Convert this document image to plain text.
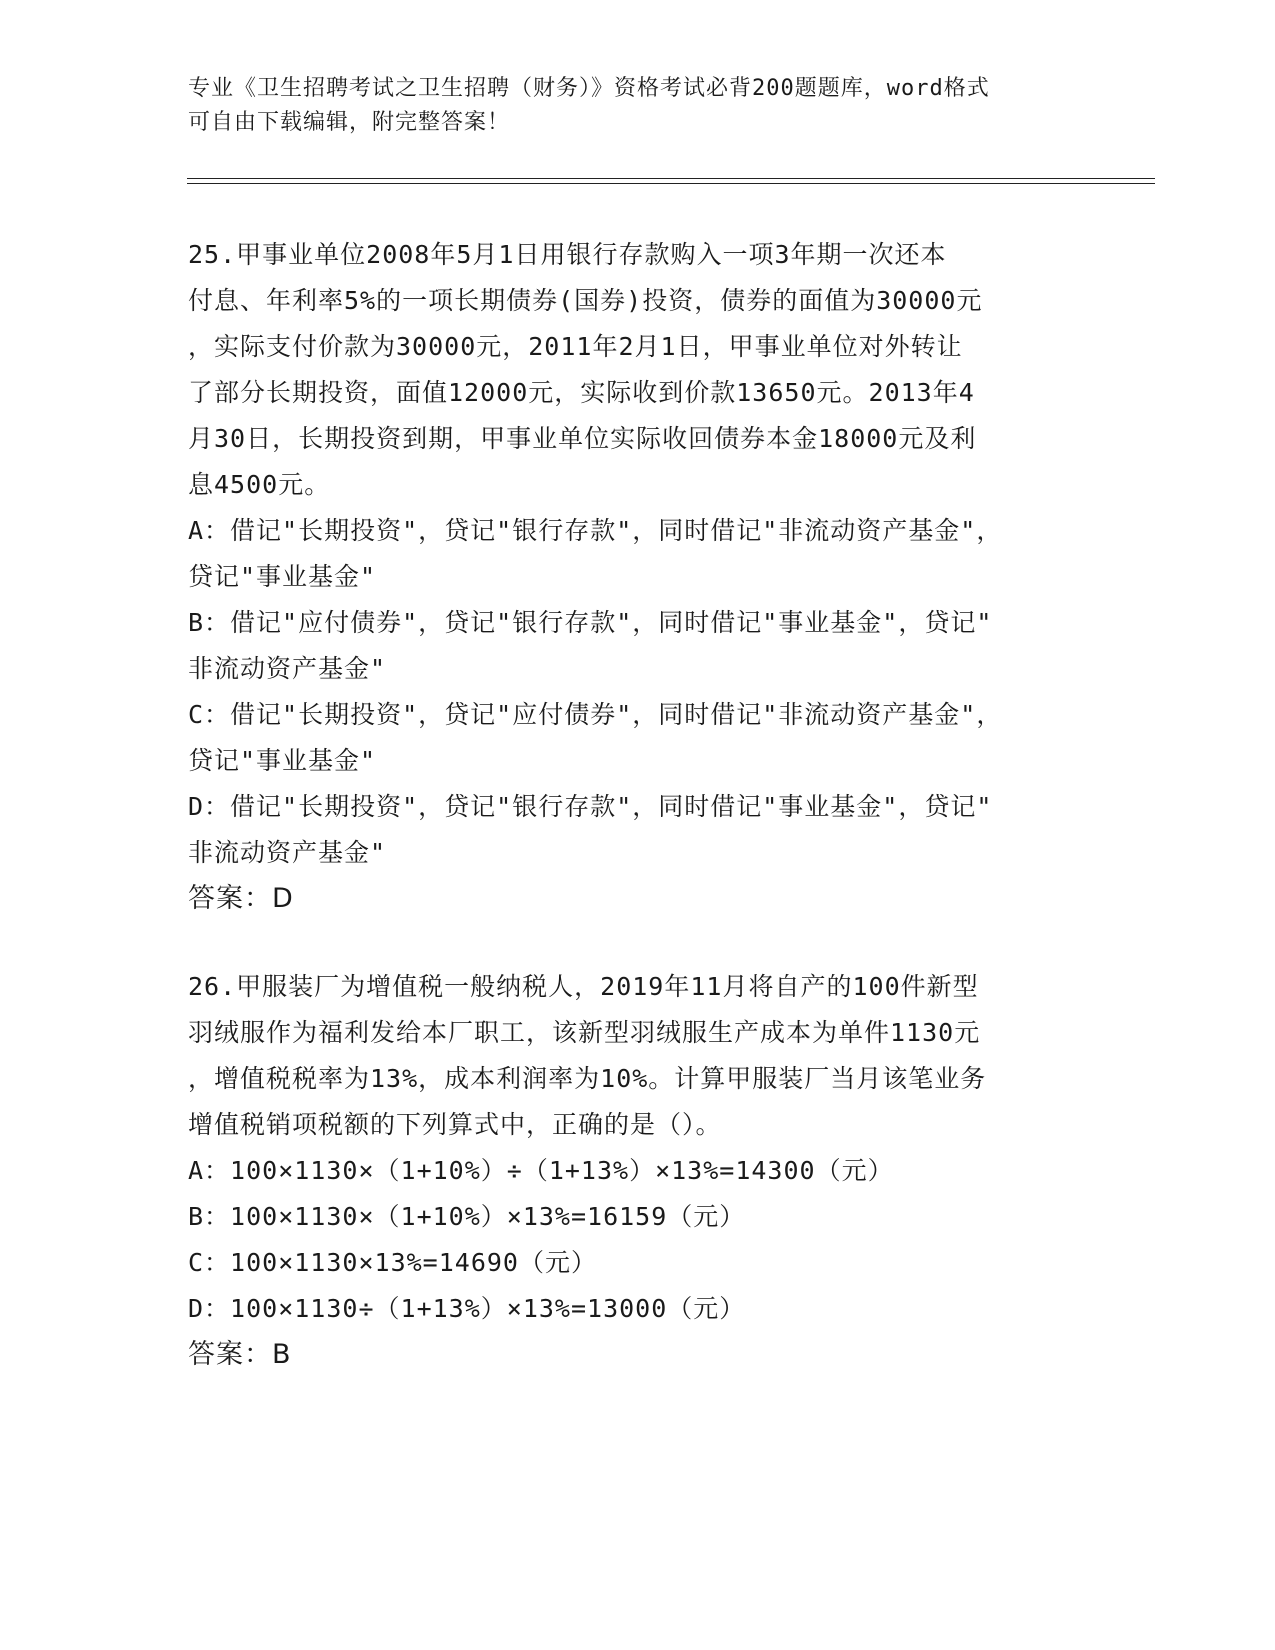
专业《卫生招聘考试之卫生招聘（财务）》资格考试必背200题题库，word格式
可自由下载编辑，附完整答案！
25.甲事业单位2008年5月1日用银行存款购入一项3年期一次还本
付息、年利率5%的一项长期债券(国券)投资，债券的面值为30000元
，实际支付价款为30000元，2011年2月1日，甲事业单位对外转让
了部分长期投资，面值12000元，实际收到价款13650元。2013年4
月30日，长期投资到期，甲事业单位实际收回债券本金18000元及利
息4500元。
A：借记"长期投资"，贷记"银行存款"，同时借记"非流动资产基金"，
贷记"事业基金"
B：借记"应付债券"，贷记"银行存款"，同时借记"事业基金"，贷记"
非流动资产基金"
C：借记"长期投资"，贷记"应付债券"，同时借记"非流动资产基金"，
贷记"事业基金"
D：借记"长期投资"，贷记"银行存款"，同时借记"事业基金"，贷记"
非流动资产基金"
答案：D
26.甲服装厂为增值税一般纳税人，2019年11月将自产的100件新型
羽绒服作为福利发给本厂职工，该新型羽绒服生产成本为单件1130元
，增值税税率为13%，成本利润率为10%。计算甲服装厂当月该笔业务
增值税销项税额的下列算式中，正确的是（）。
A：100×1130×（1+10%）÷（1+13%）×13%=14300（元）
B：100×1130×（1+10%）×13%=16159（元）
C：100×1130×13%=14690（元）
D：100×1130÷（1+13%）×13%=13000（元）
答案：B
